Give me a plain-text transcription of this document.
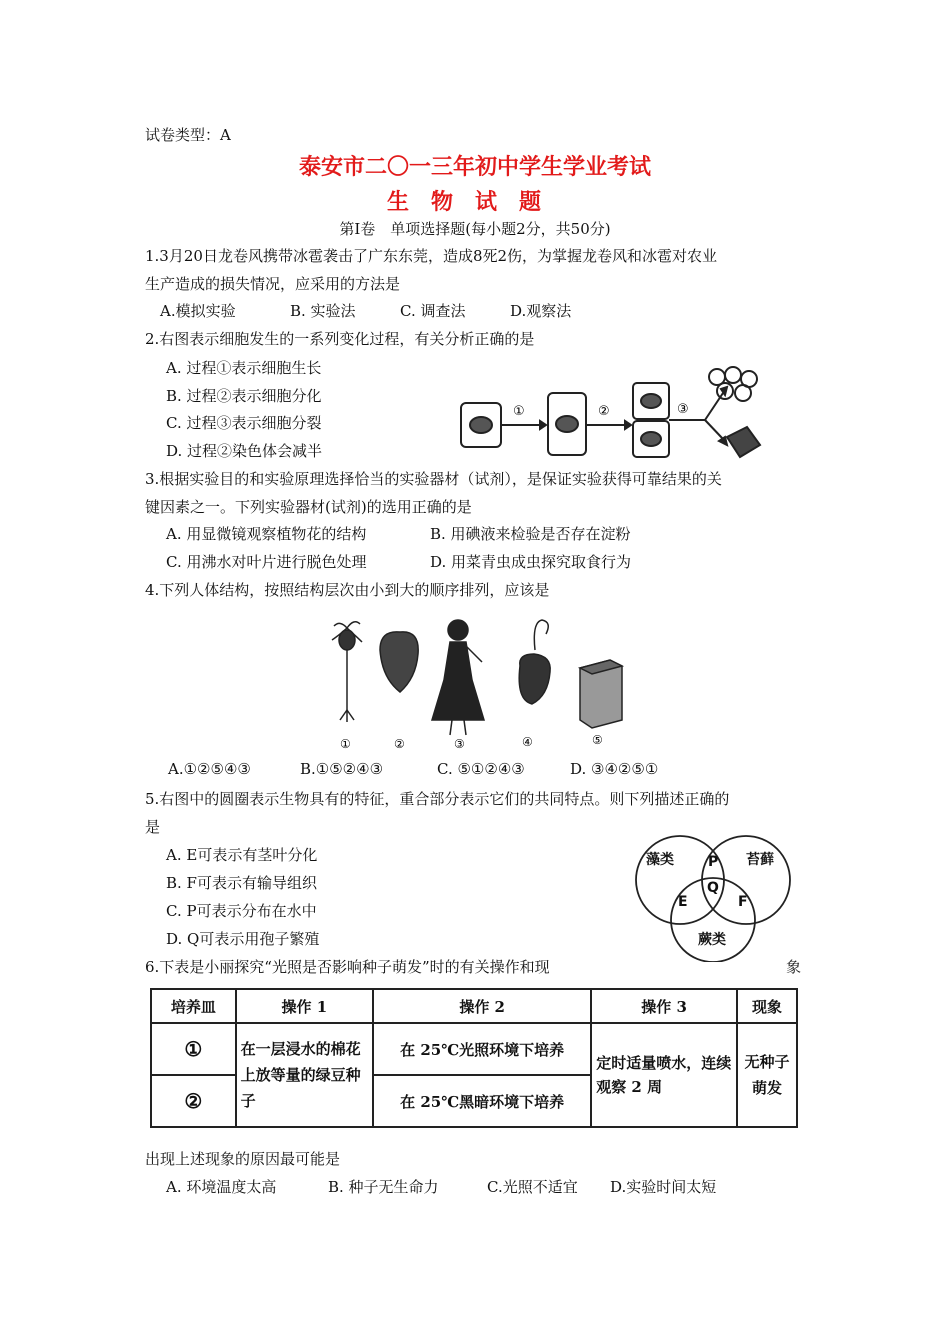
试卷类型：A
泰安市二〇一三年初中学生学业考试
生物试题
第Ⅰ卷　单项选择题(每小题2分，共50分)
1.3月20日龙卷风携带冰雹袭击了广东东莞，造成8死2伤，为掌握龙卷风和冰雹对农业
生产造成的损失情况，应采用的方法是
A.模拟实验	B. 实验法	C. 调查法	D.观察法
2.右图表示细胞发生的一系列变化过程，有关分析正确的是
A. 过程①表示细胞生长
B. 过程②表示细胞分化
C. 过程③表示细胞分裂
D. 过程②染色体会减半
①	②	③
3.根据实验目的和实验原理选择恰当的实验器材（试剂），是保证实验获得可靠结果的关
键因素之一。下列实验器材(试剂)的选用正确的是
A. 用显微镜观察植物花的结构	B. 用碘液来检验是否存在淀粉
C. 用沸水对叶片进行脱色处理	D. 用菜青虫成虫探究取食行为
4.下列人体结构，按照结构层次由小到大的顺序排列，应该是
①	②	③	④	⑤
A.①②⑤④③	B.①⑤②④③	C. ⑤①②④③	D. ③④②⑤①
5.右图中的圆圈表示生物具有的特征，重合部分表示它们的共同特点。则下列描述正确的
是
A. E可表示有茎叶分化
B. F可表示有输导组织
C. P可表示分布在水中
D. Q可表示用孢子繁殖
藻类	苔藓
蕨类
P
Q
E	F
6.下表是小丽探究“光照是否影响种子萌发”时的有关操作和现	象
培养皿	操作 1	操作 2	操作 3	现象
①	在一层浸水的棉花上放等量的绿豆种子	在 25℃光照环境下培养	定时适量喷水，连续观察 2 周	无种子萌发
②		在 25℃黑暗环境下培养		
出现上述现象的原因最可能是
A. 环境温度太高	B. 种子无生命力	C.光照不适宜 D.实验时间太短
